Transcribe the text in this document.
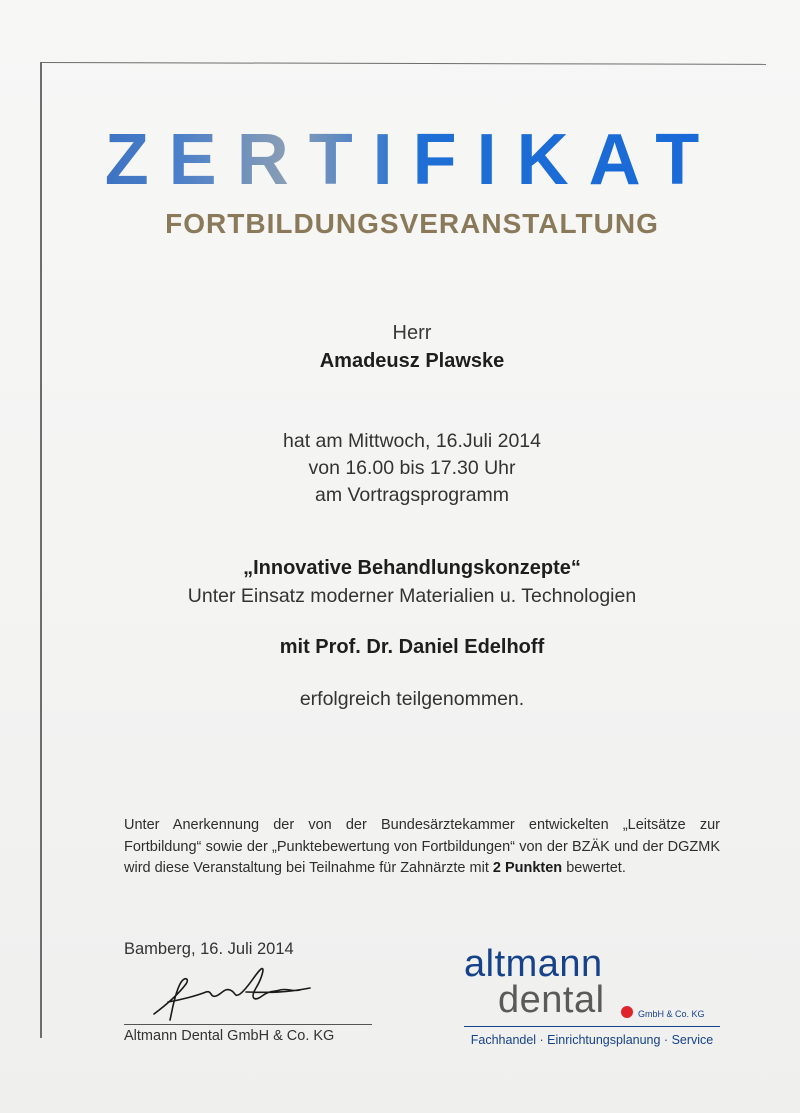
ZERTIFIKAT
FORTBILDUNGSVERANSTALTUNG
Herr
Amadeusz Plawske
hat am Mittwoch, 16.Juli 2014
von 16.00 bis 17.30 Uhr
am Vortragsprogramm
„Innovative Behandlungskonzepte“
Unter Einsatz moderner Materialien u. Technologien
mit Prof. Dr. Daniel Edelhoff
erfolgreich teilgenommen.
Unter Anerkennung der von der Bundesärztekammer entwickelten „Leitsätze zur Fortbildung“ sowie der „Punktebewertung von Fortbildungen“ von der BZÄK und der DGZMK wird diese Veranstaltung bei Teilnahme für Zahnärzte mit 2 Punkten bewertet.
Bamberg, 16. Juli 2014
Altmann Dental GmbH & Co. KG
altmann
dental	GmbH & Co. KG
Fachhandel · Einrichtungsplanung · Service
